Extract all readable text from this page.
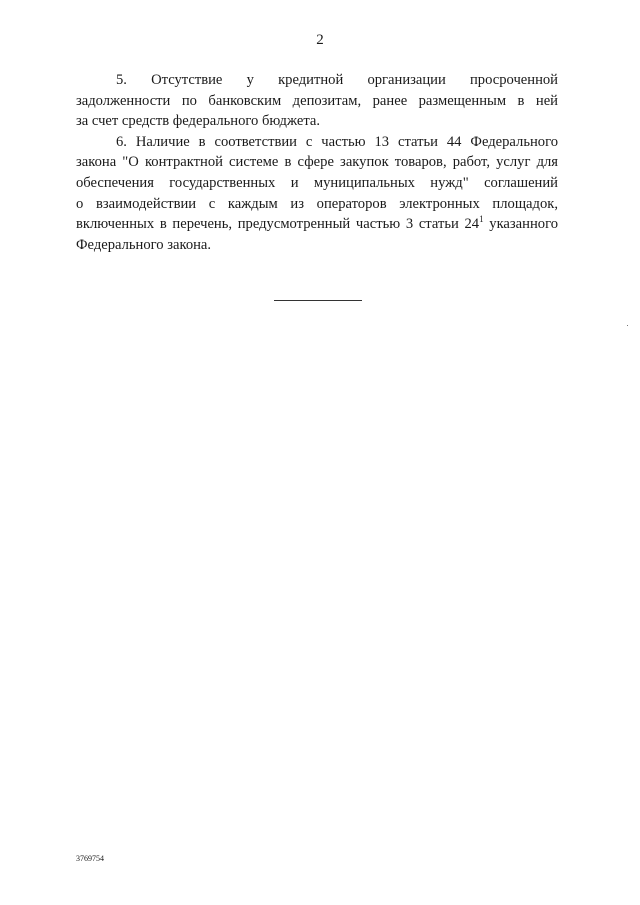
2

5. Отсутствие у кредитной организации просроченной
задолженности по банковским депозитам, ранее размещенным в ней
за счет средств федерального бюджета.

6. Наличие в соответствии с частью 13 статьи 44 Федерального
закона "О контрактной системе в сфере закупок товаров, работ, услуг для
обеспечения государственных и муниципальных нужд" соглашений
о взаимодействии с каждым из операторов электронных площадок,
включенных в перечень, предусмотренный частью 3 статьи $24^1$ указанного
Федерального закона.

3769754
